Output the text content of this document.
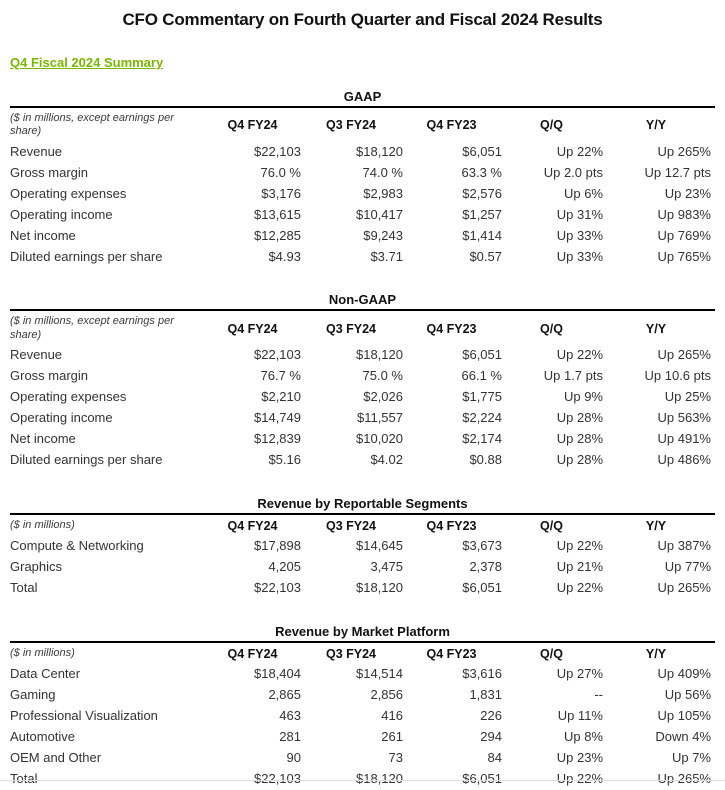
CFO Commentary on Fourth Quarter and Fiscal 2024 Results
Q4 Fiscal 2024 Summary
GAAP
($ in millions, except earnings per share)	Q4 FY24	Q3 FY24	Q4 FY23	Q/Q	Y/Y
Revenue	$22,103	$18,120	$6,051	Up 22%	Up 265%
Gross margin	76.0 %	74.0 %	63.3 %	Up 2.0 pts	Up 12.7 pts
Operating expenses	$3,176	$2,983	$2,576	Up 6%	Up 23%
Operating income	$13,615	$10,417	$1,257	Up 31%	Up 983%
Net income	$12,285	$9,243	$1,414	Up 33%	Up 769%
Diluted earnings per share	$4.93	$3.71	$0.57	Up 33%	Up 765%
Non-GAAP
($ in millions, except earnings per share)	Q4 FY24	Q3 FY24	Q4 FY23	Q/Q	Y/Y
Revenue	$22,103	$18,120	$6,051	Up 22%	Up 265%
Gross margin	76.7 %	75.0 %	66.1 %	Up 1.7 pts	Up 10.6 pts
Operating expenses	$2,210	$2,026	$1,775	Up 9%	Up 25%
Operating income	$14,749	$11,557	$2,224	Up 28%	Up 563%
Net income	$12,839	$10,020	$2,174	Up 28%	Up 491%
Diluted earnings per share	$5.16	$4.02	$0.88	Up 28%	Up 486%
Revenue by Reportable Segments
($ in millions)	Q4 FY24	Q3 FY24	Q4 FY23	Q/Q	Y/Y
Compute & Networking	$17,898	$14,645	$3,673	Up 22%	Up 387%
Graphics	4,205	3,475	2,378	Up 21%	Up 77%
Total	$22,103	$18,120	$6,051	Up 22%	Up 265%
Revenue by Market Platform
($ in millions)	Q4 FY24	Q3 FY24	Q4 FY23	Q/Q	Y/Y
Data Center	$18,404	$14,514	$3,616	Up 27%	Up 409%
Gaming	2,865	2,856	1,831	--	Up 56%
Professional Visualization	463	416	226	Up 11%	Up 105%
Automotive	281	261	294	Up 8%	Down 4%
OEM and Other	90	73	84	Up 23%	Up 7%
Total	$22,103	$18,120	$6,051	Up 22%	Up 265%
